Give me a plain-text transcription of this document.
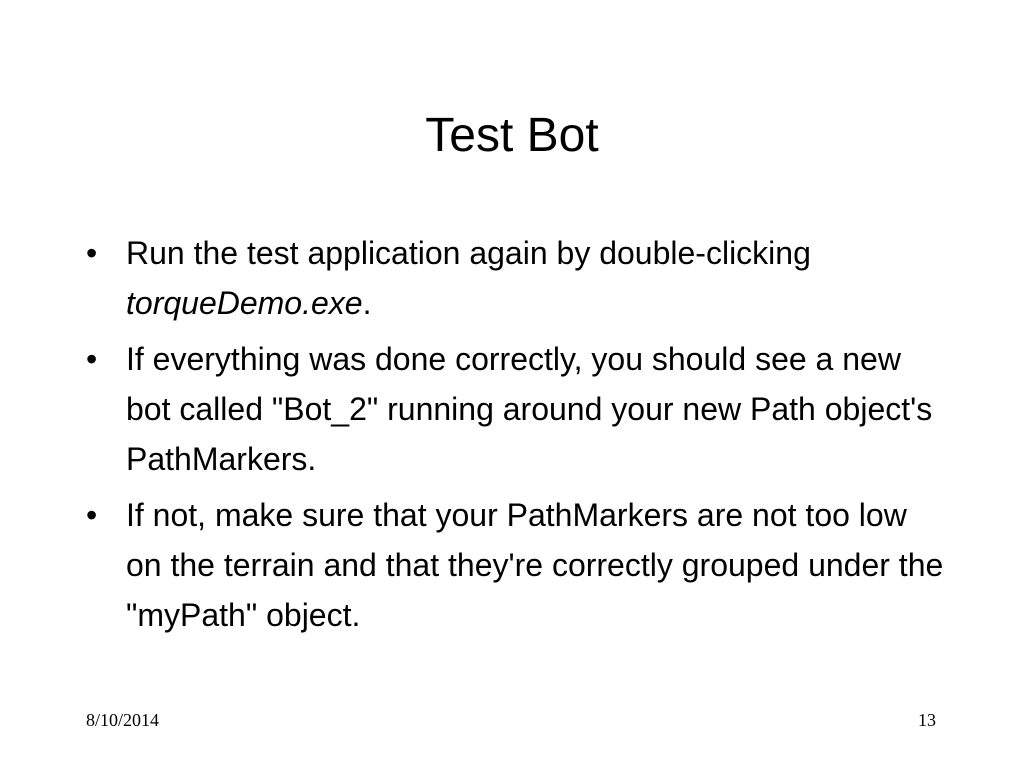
Test Bot
• Run the test application again by double-clicking torqueDemo.exe.
• If everything was done correctly, you should see a new bot called "Bot_2" running around your new Path object's PathMarkers.
• If not, make sure that your PathMarkers are not too low on the terrain and that they're correctly grouped under the "myPath" object.
8/10/2014	13
